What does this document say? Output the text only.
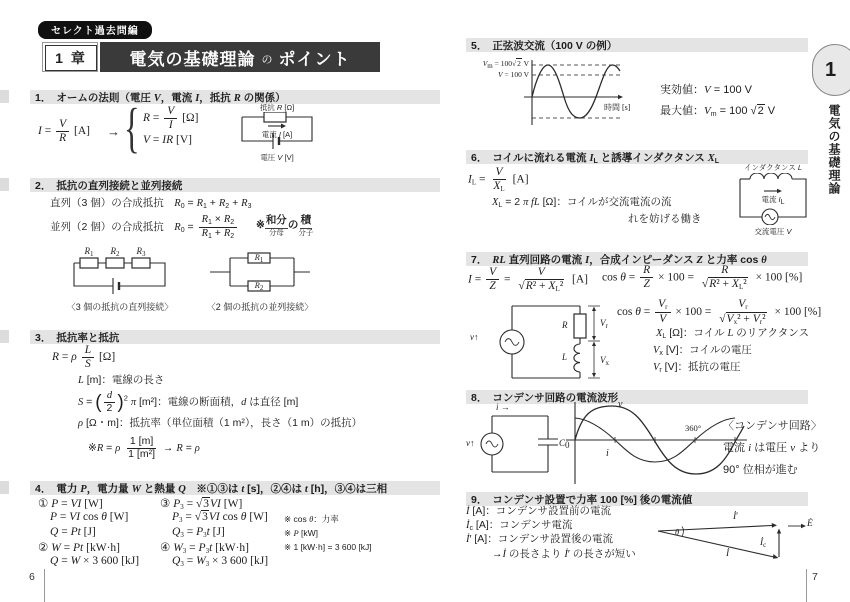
セレクト過去問編
1 章	電気の基礎理論 の ポイント
1． オームの法則（電圧 V，電流 I，抵抗 R の関係）
$I = \frac{V}{R} [A]$ → { $R = \frac{V}{I} [\Omega]$
V = IR [V]
抵抗 R [Ω]
電流 I [A]
電圧 V [V]
2． 抵抗の直列接続と並列接続
直列（3 個）の合成抵抗　$R_0 = R_1 + R_2 + R_3$
並列（2 個）の合成抵抗　$R_0 = \frac{R_1 \times R_2}{R_1 + R_2}$ ※ 和分
分母
の 積
分子
$R_1$	$R_2$	$R_3$
〈3 個の抵抗の直列接続〉
$R_1$
$R_2$
〈2 個の抵抗の並列接続〉
3． 抵抗率と抵抗
R = ρ $\frac{L}{S} [\Omega]$
L [m]：電線の長さ
S = ( $\frac{d}{2} )^2$ π [m²]：電線の断面積，d は直径 [m]
ρ [Ω・m]：抵抗率（単位面積（1 m²），長さ（1 m）の抵抗）
※R = ρ $\frac{1 [m]}{\text{1 [m²]}} \to R = \rho$
4． 電力 P，電力量 W と熱量 Q　※①③は t [s]，②④は t [h]，③④は三相
① P = VI [W]	③ $P_3 = √3VI$ [W]
P = VI cos θ [W]	$P_3 = √3VI$ cos θ [W] ※ cos θ：力率
Q = Pt [J]	$Q_3 = P_3t$ [J]	※ P [kW]
② W = Pt [kW·h]	④ $W_3 = P_3t$ [kW·h]	※ 1 [kW·h] = 3 600 [kJ]
Q = W × 3 600 [kJ]	$Q_3 = W_3 \times 3$ 600 [kJ]
6
5． 正弦波交流（100 V の例）
$V_m = 100√2$ V
V = 100 V
時間 [s]
実効値：V = 100 V
最大値：$V_m = 100$ √2 V
6． コイルに流れる電流 $I_L$ と誘導インダクタンス $X_L$
$I_L = \frac{V}{X_L} [A]$
$X_L = 2$ π fL [Ω]：コイルが交流電流の流
れを妨げる働き
インダクタンス L
電流 $I_L$
交流電圧 V
7． RL 直列回路の電流 I，合成インピーダンス Z と力率 cos θ
$I = \frac{V}{Z} = \frac{V}{√R^2 + X_L^2} [A]$ $\cos \theta = \frac{R}{Z} \times 100 = \frac{R}{√R^2 + X_L^2} \times 100$ [%]
$\cos \theta = \frac{V_r}{V} \times 100 = \frac{V_r}{√V_x^2 + V_r^2} \times 100$ [%]
$X_L$ [Ω]：コイル L のリアクタンス
$V_x$ [V]：コイルの電圧
$V_r$ [V]：抵抗の電圧
v↑
R
L
$V_r$
$V_x$
8． コンデンサ回路の電流波形
i →
v↑	C
v
i
0
360° 〈コンデンサ回路〉
電流 i は電圧 v より
90° 位相が進む
9． コンデンサ設置で力率 100 [%] 後の電流値
İ [A]：コンデンサ設置前の電流
$İ_c$ [A]：コンデンサ電流
İ′ [A]：コンデンサ設置後の電流
→İ の長さより İ′ の長さが短い
İ′
İ
$İ_c$
Ė
θ
7
1
電気の基礎理論
